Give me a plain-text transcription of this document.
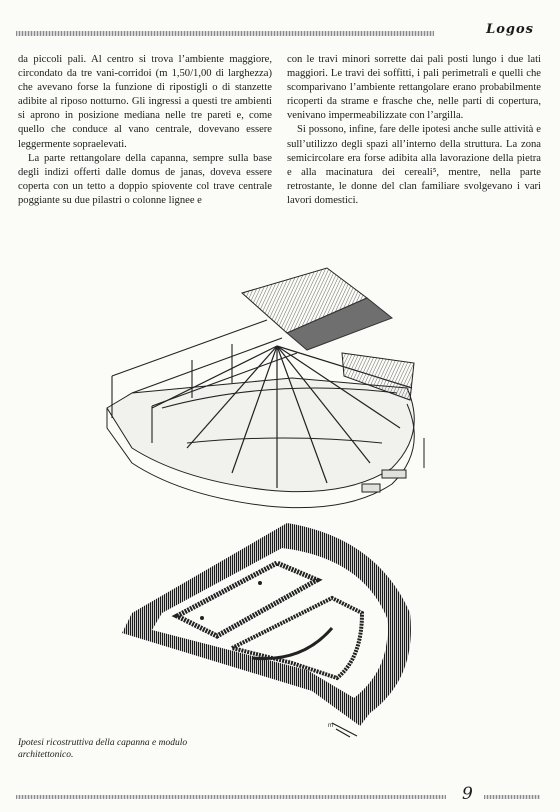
Logos

da piccoli pali. Al centro si trova l’ambiente maggiore, circondato da tre vani-corridoi (m 1,50/1,00 di larghezza) che avevano forse la funzione di ripostigli o di stanzette adibite al riposo notturno. Gli ingressi a questi tre ambienti si aprono in posizione mediana nelle tre pareti e, come quello che conduce al vano centrale, dovevano essere leggermente sopraelevati.

La parte rettangolare della capanna, sempre sulla base degli indizi offerti dalle domus de janas, doveva essere coperta con un tetto a doppio spiovente col trave centrale poggiante su due pilastri o colonne lignee e

con le travi minori sorrette dai pali posti lungo i due lati maggiori. Le travi dei soffitti, i pali perimetrali e quelli che scomparivano l’ambiente rettangolare erano probabilmente ricoperti da strame e frasche che, nelle parti di copertura, venivano impermeabilizzate con l’argilla.

Si possono, infine, fare delle ipotesi anche sulle attività e sull’utilizzo degli spazi all’interno della struttura. La zona semicircolare era forse adibita alla lavorazione della pietra e alla macinatura dei cereali⁵, mentre, nella parte retrostante, le donne del clan familiare svolgevano i vari lavori domestici.

m
Ipotesi ricostruttiva della capanna e modulo architettonico.
9
